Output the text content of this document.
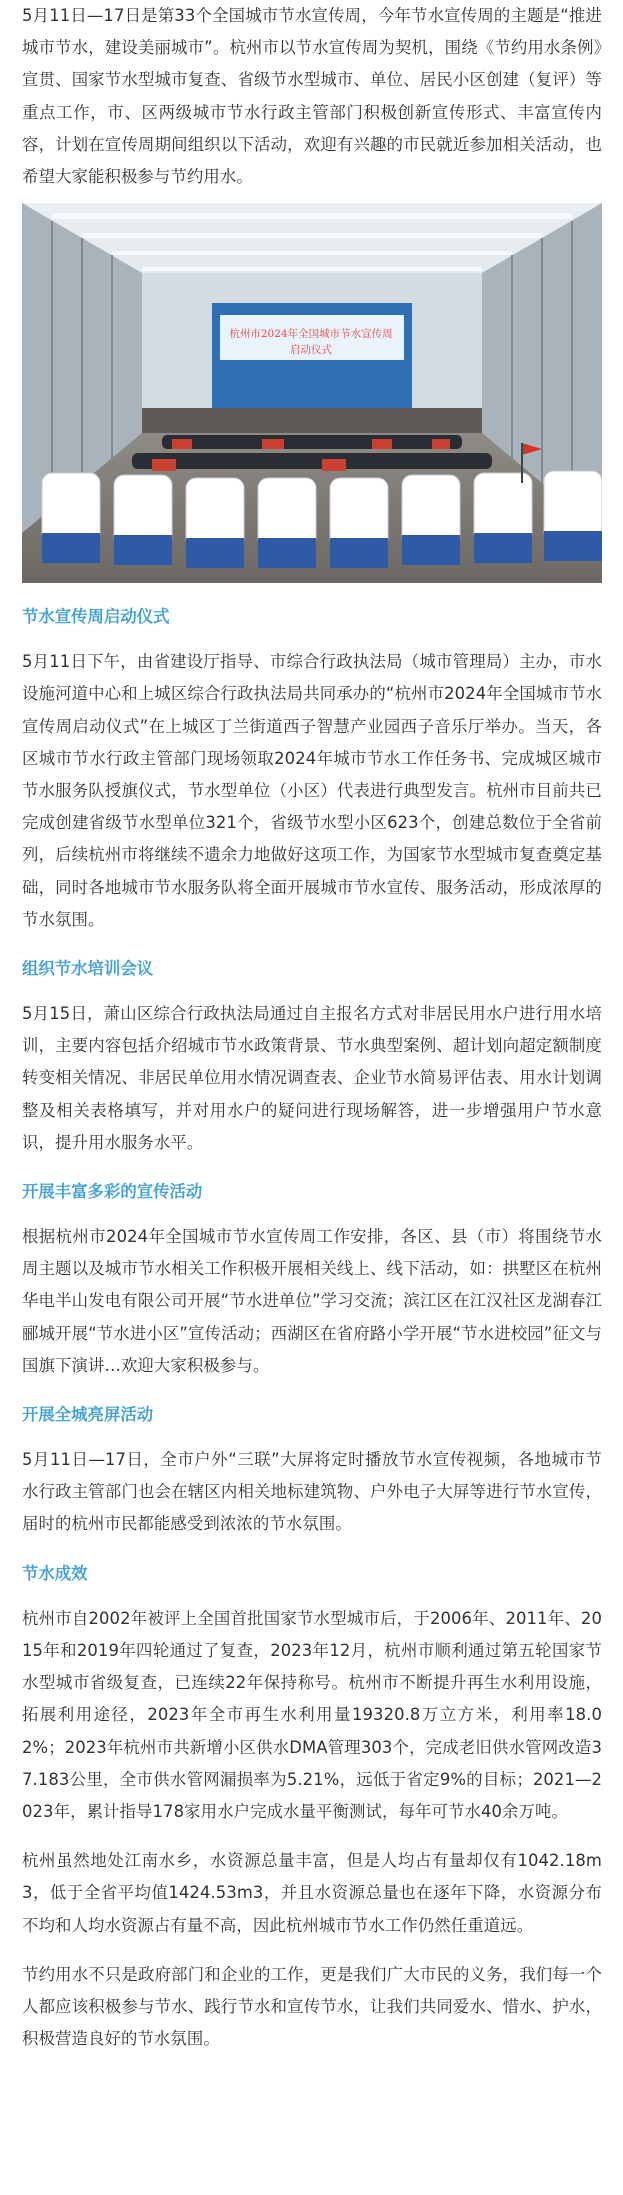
5月11日—17日是第33个全国城市节水宣传周，今年节水宣传周的主题是“推进城市节水，建设美丽城市”。杭州市以节水宣传周为契机，围绕《节约用水条例》宣贯、国家节水型城市复查、省级节水型城市、单位、居民小区创建（复评）等重点工作，市、区两级城市节水行政主管部门积极创新宣传形式、丰富宣传内容，计划在宣传周期间组织以下活动，欢迎有兴趣的市民就近参加相关活动，也希望大家能积极参与节约用水。

杭州市2024年全国城市节水宣传周
启动仪式
节水宣传周启动仪式

5月11日下午，由省建设厅指导、市综合行政执法局（城市管理局）主办，市水设施河道中心和上城区综合行政执法局共同承办的“杭州市2024年全国城市节水宣传周启动仪式”在上城区丁兰街道西子智慧产业园西子音乐厅举办。当天，各区城市节水行政主管部门现场领取2024年城市节水工作任务书、完成城区城市节水服务队授旗仪式，节水型单位（小区）代表进行典型发言。杭州市目前共已完成创建省级节水型单位321个，省级节水型小区623个，创建总数位于全省前列，后续杭州市将继续不遗余力地做好这项工作，为国家节水型城市复查奠定基础，同时各地城市节水服务队将全面开展城市节水宣传、服务活动，形成浓厚的节水氛围。

组织节水培训会议

5月15日，萧山区综合行政执法局通过自主报名方式对非居民用水户进行用水培训，主要内容包括介绍城市节水政策背景、节水典型案例、超计划向超定额制度转变相关情况、非居民单位用水情况调查表、企业节水简易评估表、用水计划调整及相关表格填写，并对用水户的疑问进行现场解答，进一步增强用户节水意识，提升用水服务水平。

开展丰富多彩的宣传活动

根据杭州市2024年全国城市节水宣传周工作安排，各区、县（市）将围绕节水周主题以及城市节水相关工作积极开展相关线上、线下活动，如：拱墅区在杭州华电半山发电有限公司开展“节水进单位”学习交流；滨江区在江汉社区龙湖春江郦城开展“节水进小区”宣传活动；西湖区在省府路小学开展“节水进校园”征文与国旗下演讲…欢迎大家积极参与。

开展全城亮屏活动

5月11日—17日，全市户外“三联”大屏将定时播放节水宣传视频，各地城市节水行政主管部门也会在辖区内相关地标建筑物、户外电子大屏等进行节水宣传，届时的杭州市民都能感受到浓浓的节水氛围。

节水成效

杭州市自2002年被评上全国首批国家节水型城市后，于2006年、2011年、2015年和2019年四轮通过了复查，2023年12月，杭州市顺利通过第五轮国家节水型城市省级复查，已连续22年保持称号。杭州市不断提升再生水利用设施，拓展利用途径，2023年全市再生水利用量19320.8万立方米，利用率18.02%；2023年杭州市共新增小区供水DMA管理303个，完成老旧供水管网改造37.183公里，全市供水管网漏损率为5.21%，远低于省定9%的目标；2021—2023年，累计指导178家用水户完成水量平衡测试，每年可节水40余万吨。

杭州虽然地处江南水乡，水资源总量丰富，但是人均占有量却仅有1042.18m3，低于全省平均值1424.53m3，并且水资源总量也在逐年下降，水资源分布不均和人均水资源占有量不高，因此杭州城市节水工作仍然任重道远。

节约用水不只是政府部门和企业的工作，更是我们广大市民的义务，我们每一个人都应该积极参与节水、践行节水和宣传节水，让我们共同爱水、惜水、护水，积极营造良好的节水氛围。
